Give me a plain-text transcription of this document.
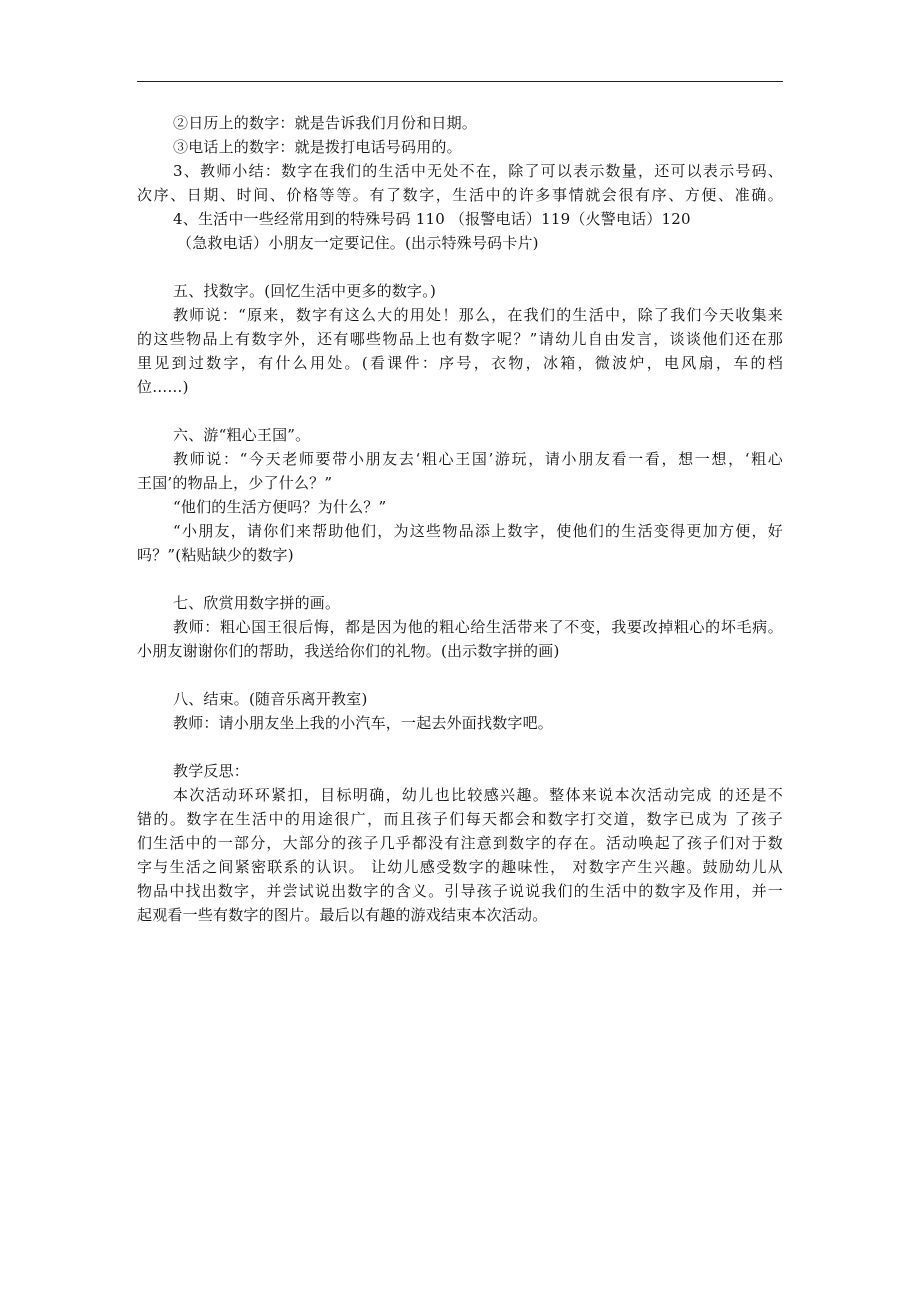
②日历上的数字：就是告诉我们月份和日期。
③电话上的数字：就是拨打电话号码用的。
3、教师小结：数字在我们的生活中无处不在，除了可以表示数量，还可以表示号码、
次序、日期、时间、价格等等。有了数字，生活中的许多事情就会很有序、方便、准确。
4、生活中一些经常用到的特殊号码 110 （报警电话）119（火警电话）120
（急救电话）小朋友一定要记住。(出示特殊号码卡片)
五、找数字。(回忆生活中更多的数字。)
教师说：“原来，数字有这么大的用处！那么，在我们的生活中，除了我们今天收集来
的这些物品上有数字外，还有哪些物品上也有数字呢？”请幼儿自由发言，谈谈他们还在那
里见到过数字，有什么用处。(看课件：序号，衣物，冰箱，微波炉，电风扇，车的档
位……)
六、游“粗心王国”。
教师说：“今天老师要带小朋友去‘粗心王国’游玩，请小朋友看一看，想一想，‘粗心
王国’的物品上，少了什么？”
“他们的生活方便吗？为什么？”
“小朋友，请你们来帮助他们，为这些物品添上数字，使他们的生活变得更加方便，好
吗？”(粘贴缺少的数字)
七、欣赏用数字拼的画。
教师：粗心国王很后悔，都是因为他的粗心给生活带来了不变，我要改掉粗心的坏毛病。
小朋友谢谢你们的帮助，我送给你们的礼物。(出示数字拼的画)
八、结束。(随音乐离开教室)
教师：请小朋友坐上我的小汽车，一起去外面找数字吧。
教学反思：
本次活动环环紧扣，目标明确，幼儿也比较感兴趣。整体来说本次活动完成 的还是不
错的。数字在生活中的用途很广，而且孩子们每天都会和数字打交道，数字已成为 了孩子
们生活中的一部分，大部分的孩子几乎都没有注意到数字的存在。活动唤起了孩子们对于数
字与生活之间紧密联系的认识。 让幼儿感受数字的趣味性， 对数字产生兴趣。鼓励幼儿从
物品中找出数字，并尝试说出数字的含义。引导孩子说说我们的生活中的数字及作用，并一
起观看一些有数字的图片。最后以有趣的游戏结束本次活动。
